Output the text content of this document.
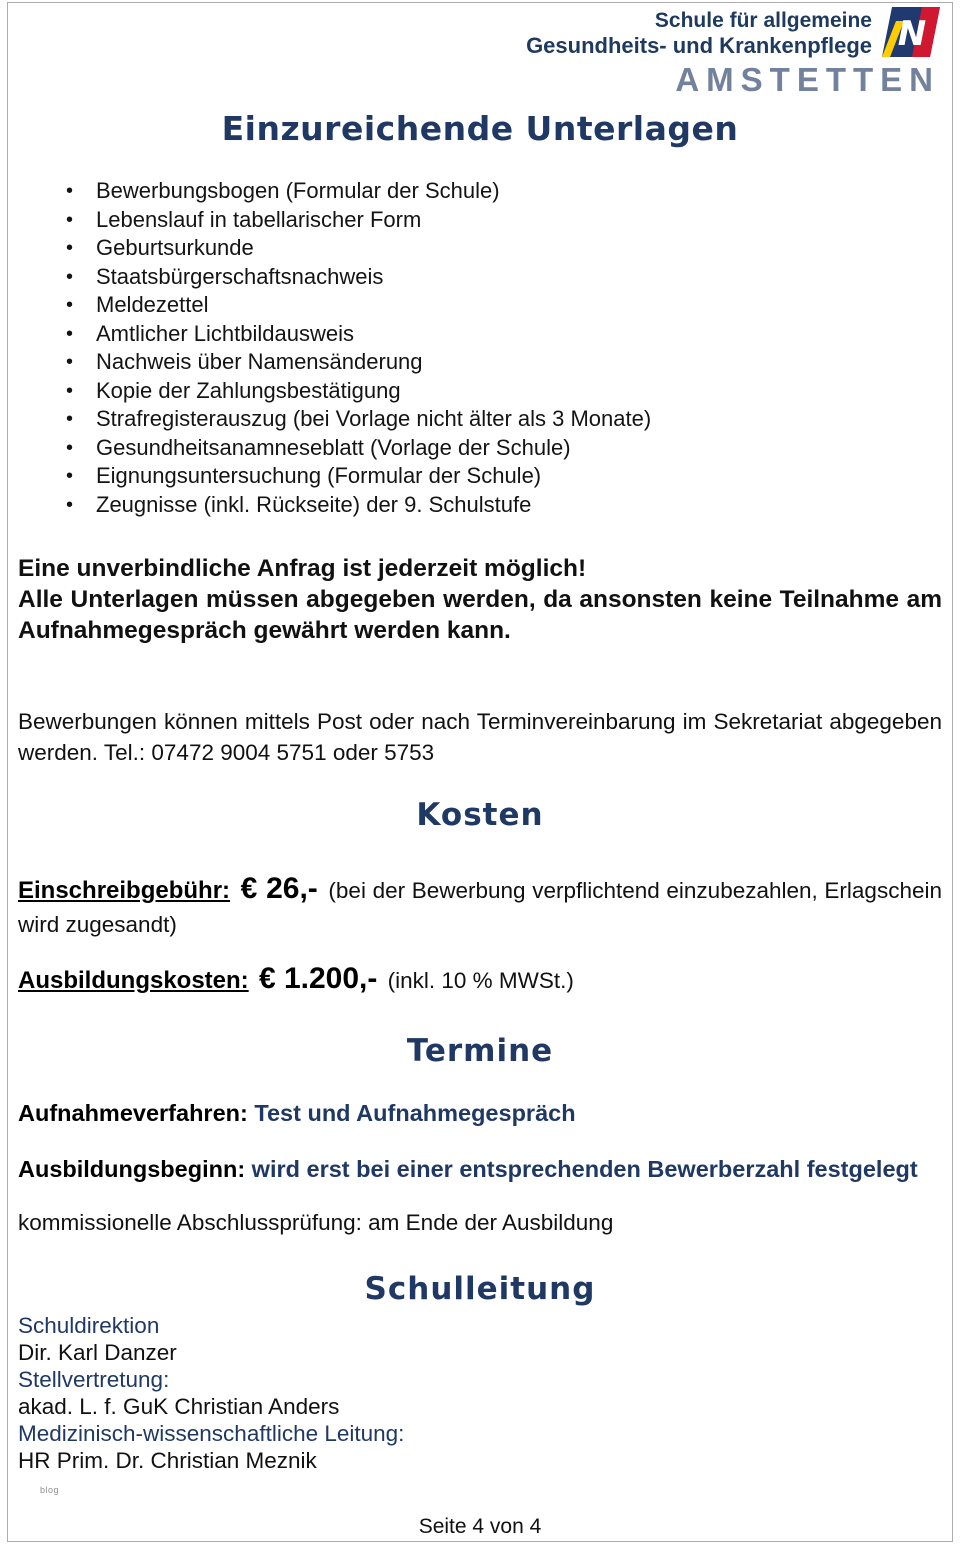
Schule für allgemeine
Gesundheits- und Krankenpflege N
AMSTETTEN
Einzureichende Unterlagen
• Bewerbungsbogen (Formular der Schule)
• Lebenslauf in tabellarischer Form
• Geburtsurkunde
• Staatsbürgerschaftsnachweis
• Meldezettel
• Amtlicher Lichtbildausweis
• Nachweis über Namensänderung
• Kopie der Zahlungsbestätigung
• Strafregisterauszug (bei Vorlage nicht älter als 3 Monate)
• Gesundheitsanamneseblatt (Vorlage der Schule)
• Eignungsuntersuchung (Formular der Schule)
• Zeugnisse (inkl. Rückseite) der 9. Schulstufe
Eine unverbindliche Anfrag ist jederzeit möglich!
Alle Unterlagen müssen abgegeben werden, da ansonsten keine Teilnahme am Aufnahmegespräch gewährt werden kann.
Bewerbungen können mittels Post oder nach Terminvereinbarung im Sekretariat abgegeben werden. Tel.: 07472 9004 5751 oder 5753
Kosten
Einschreibgebühr: € 26,- (bei der Bewerbung verpflichtend einzubezahlen, Erlagschein wird zugesandt)
Ausbildungskosten: € 1.200,- (inkl. 10 % MWSt.)
Termine
Aufnahmeverfahren: Test und Aufnahmegespräch
Ausbildungsbeginn: wird erst bei einer entsprechenden Bewerberzahl festgelegt
kommissionelle Abschlussprüfung: am Ende der Ausbildung
Schulleitung
Schuldirektion
Dir. Karl Danzer
Stellvertretung:
akad. L. f. GuK Christian Anders
Medizinisch-wissenschaftliche Leitung:
HR Prim. Dr. Christian Meznik
blog
Seite 4 von 4
